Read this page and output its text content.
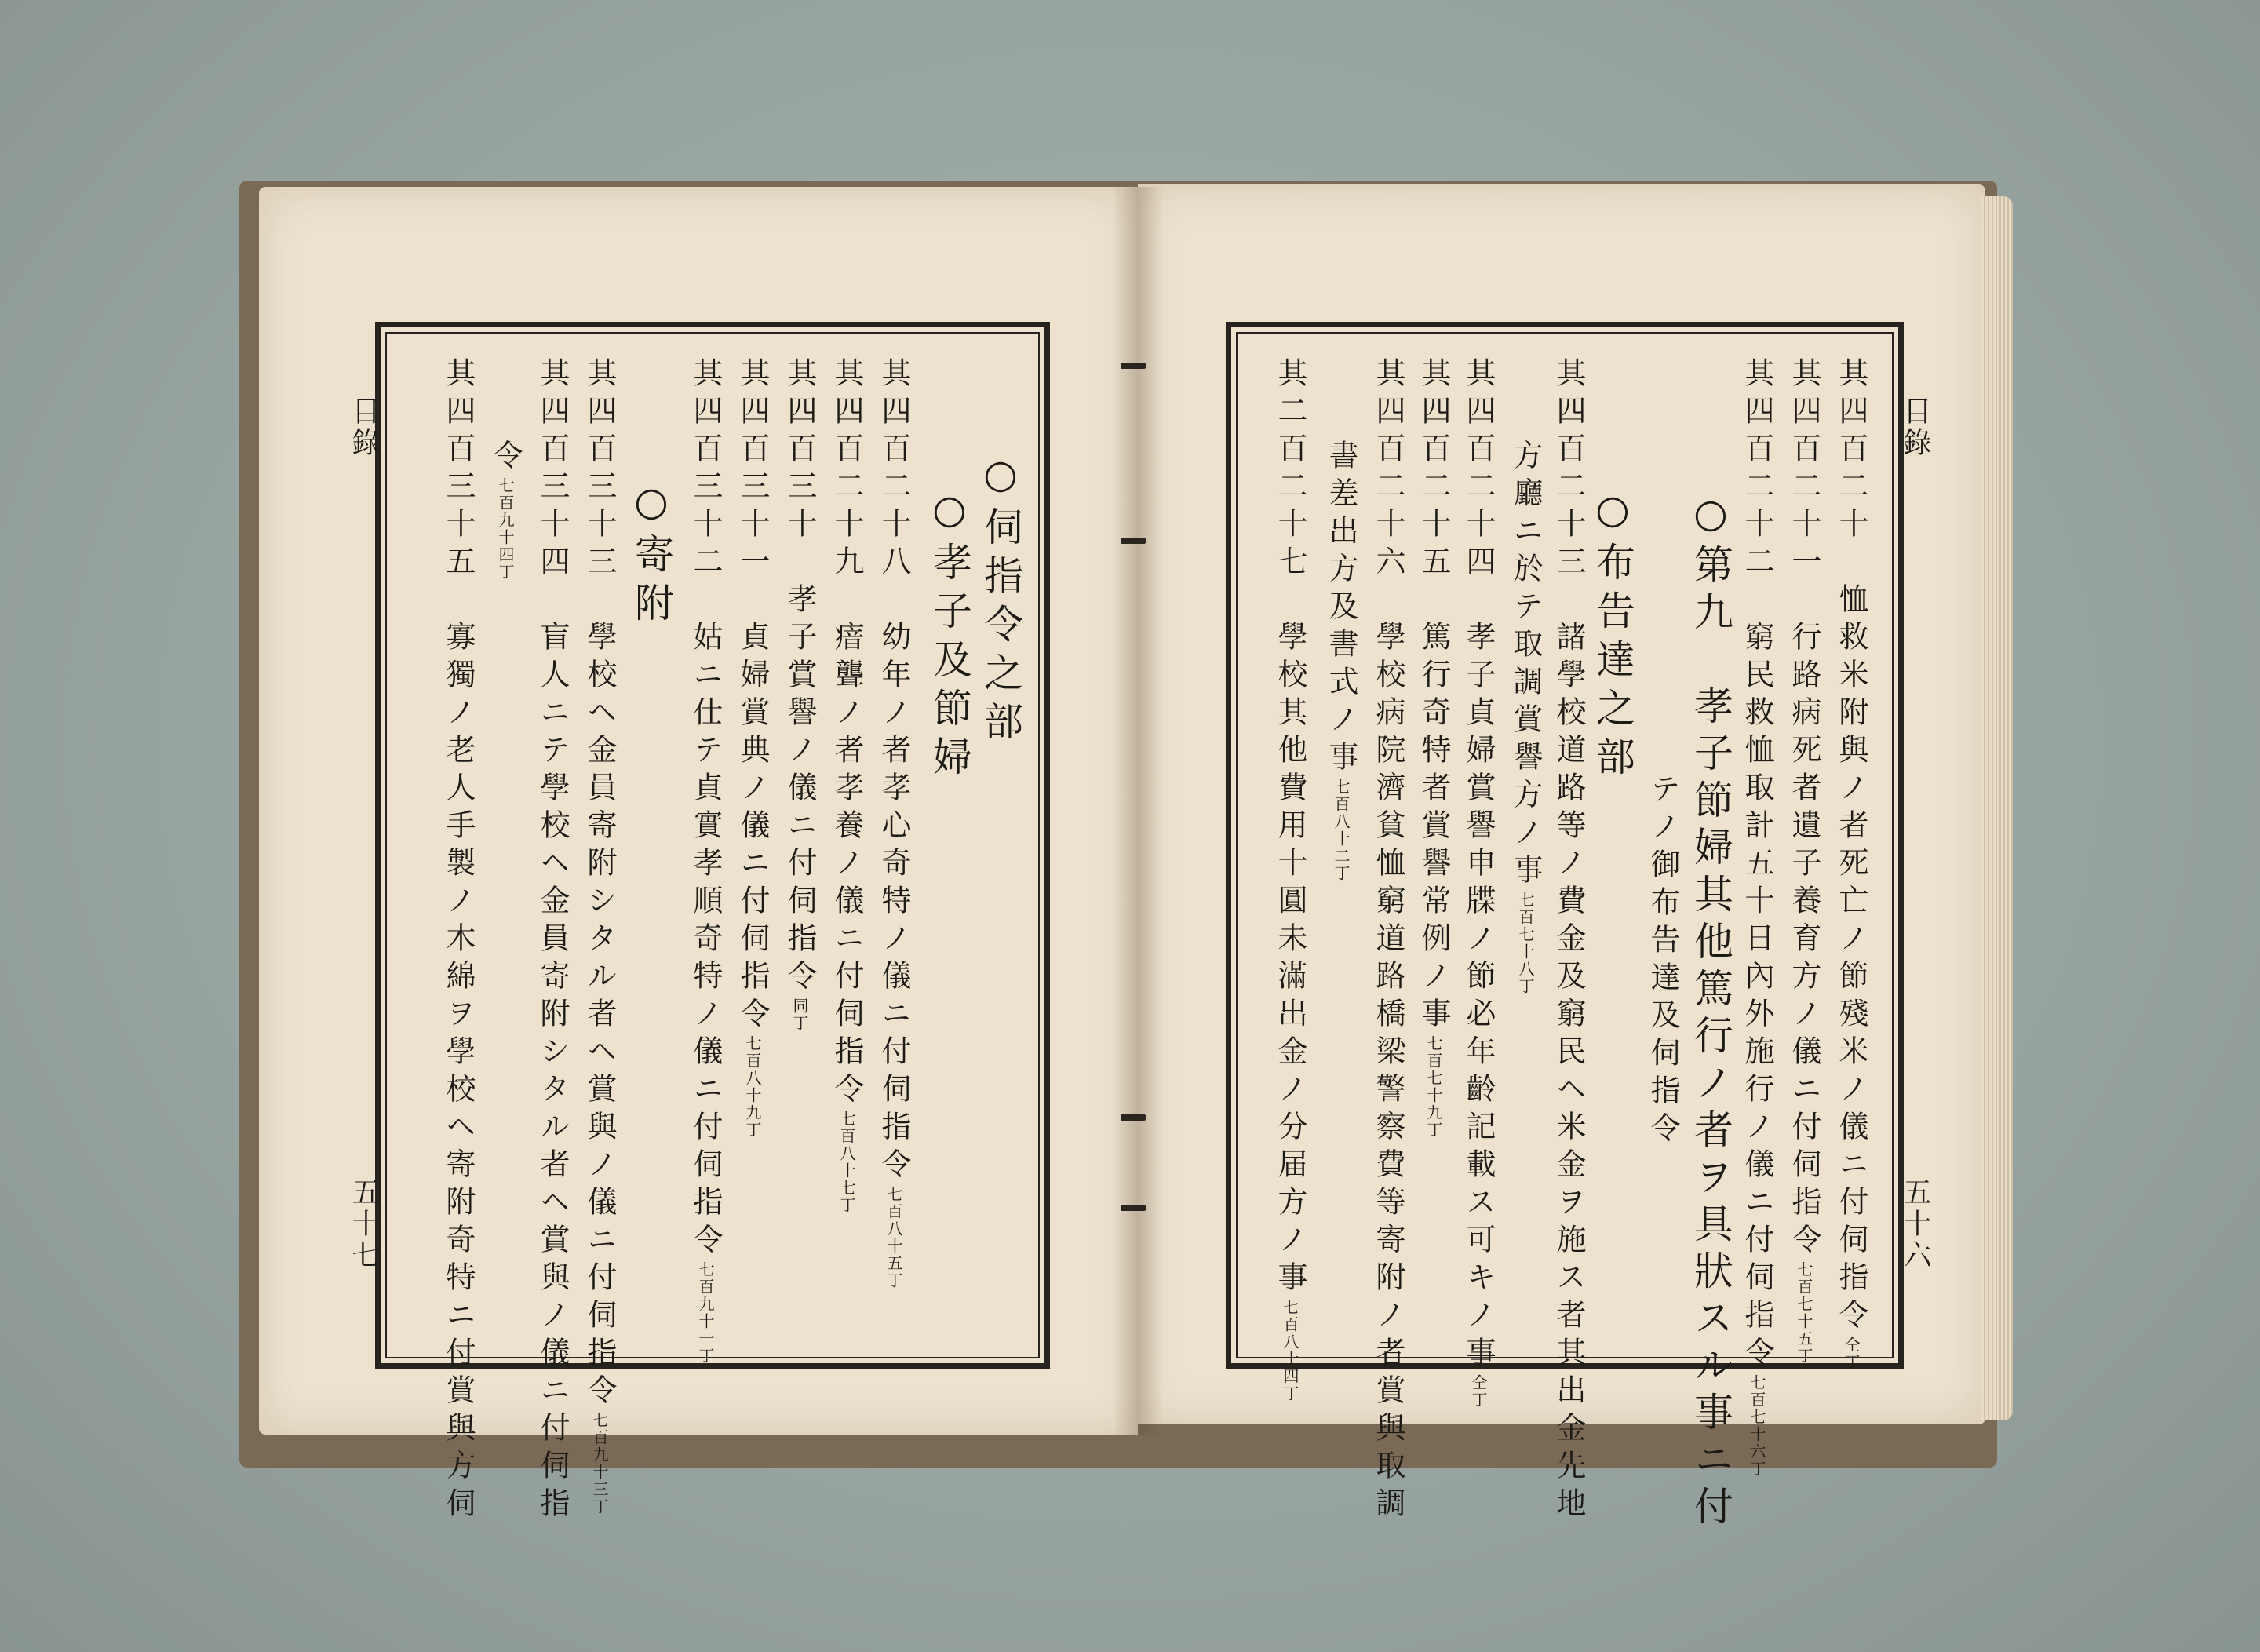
目錄
五十七
目錄
五十六
其四百二十　恤救米附與ノ者死亡ノ節殘米ノ儀ニ付伺指令仝丁
其四百二十一　行路病死者遺子養育方ノ儀ニ付伺指令七百七十五丁
其四百二十二　窮民救恤取計五十日內外施行ノ儀ニ付伺指令七百七十六丁
○第九　孝子節婦其他篤行ノ者ヲ具狀スル事ニ付
テノ御布告達及伺指令
○布告達之部
其四百二十三　諸學校道路等ノ費金及窮民ヘ米金ヲ施ス者其出金先地
方廳ニ於テ取調賞譽方ノ事七百七十八丁
其四百二十四　孝子貞婦賞譽申牒ノ節必年齡記載ス可キノ事仝丁
其四百二十五　篤行奇特者賞譽常例ノ事七百七十九丁
其四百二十六　學校病院濟貧恤窮道路橋梁警察費等寄附ノ者賞與取調
書差出方及書式ノ事七百八十二丁
其二百二十七　學校其他費用十圓未滿出金ノ分届方ノ事七百八十四丁
○伺指令之部
○孝子及節婦
其四百二十八　幼年ノ者孝心奇特ノ儀ニ付伺指令七百八十五丁
其四百二十九　瘖聾ノ者孝養ノ儀ニ付伺指令七百八十七丁
其四百三十　孝子賞譽ノ儀ニ付伺指令同丁
其四百三十一　貞婦賞典ノ儀ニ付伺指令七百八十九丁
其四百三十二　姑ニ仕テ貞實孝順奇特ノ儀ニ付伺指令七百九十一丁
○寄附
其四百三十三　學校ヘ金員寄附シタル者ヘ賞與ノ儀ニ付伺指令七百九十三丁
其四百三十四　盲人ニテ學校ヘ金員寄附シタル者ヘ賞與ノ儀ニ付伺指
令七百九十四丁
其四百三十五　寡獨ノ老人手製ノ木綿ヲ學校ヘ寄附奇特ニ付賞與方伺
